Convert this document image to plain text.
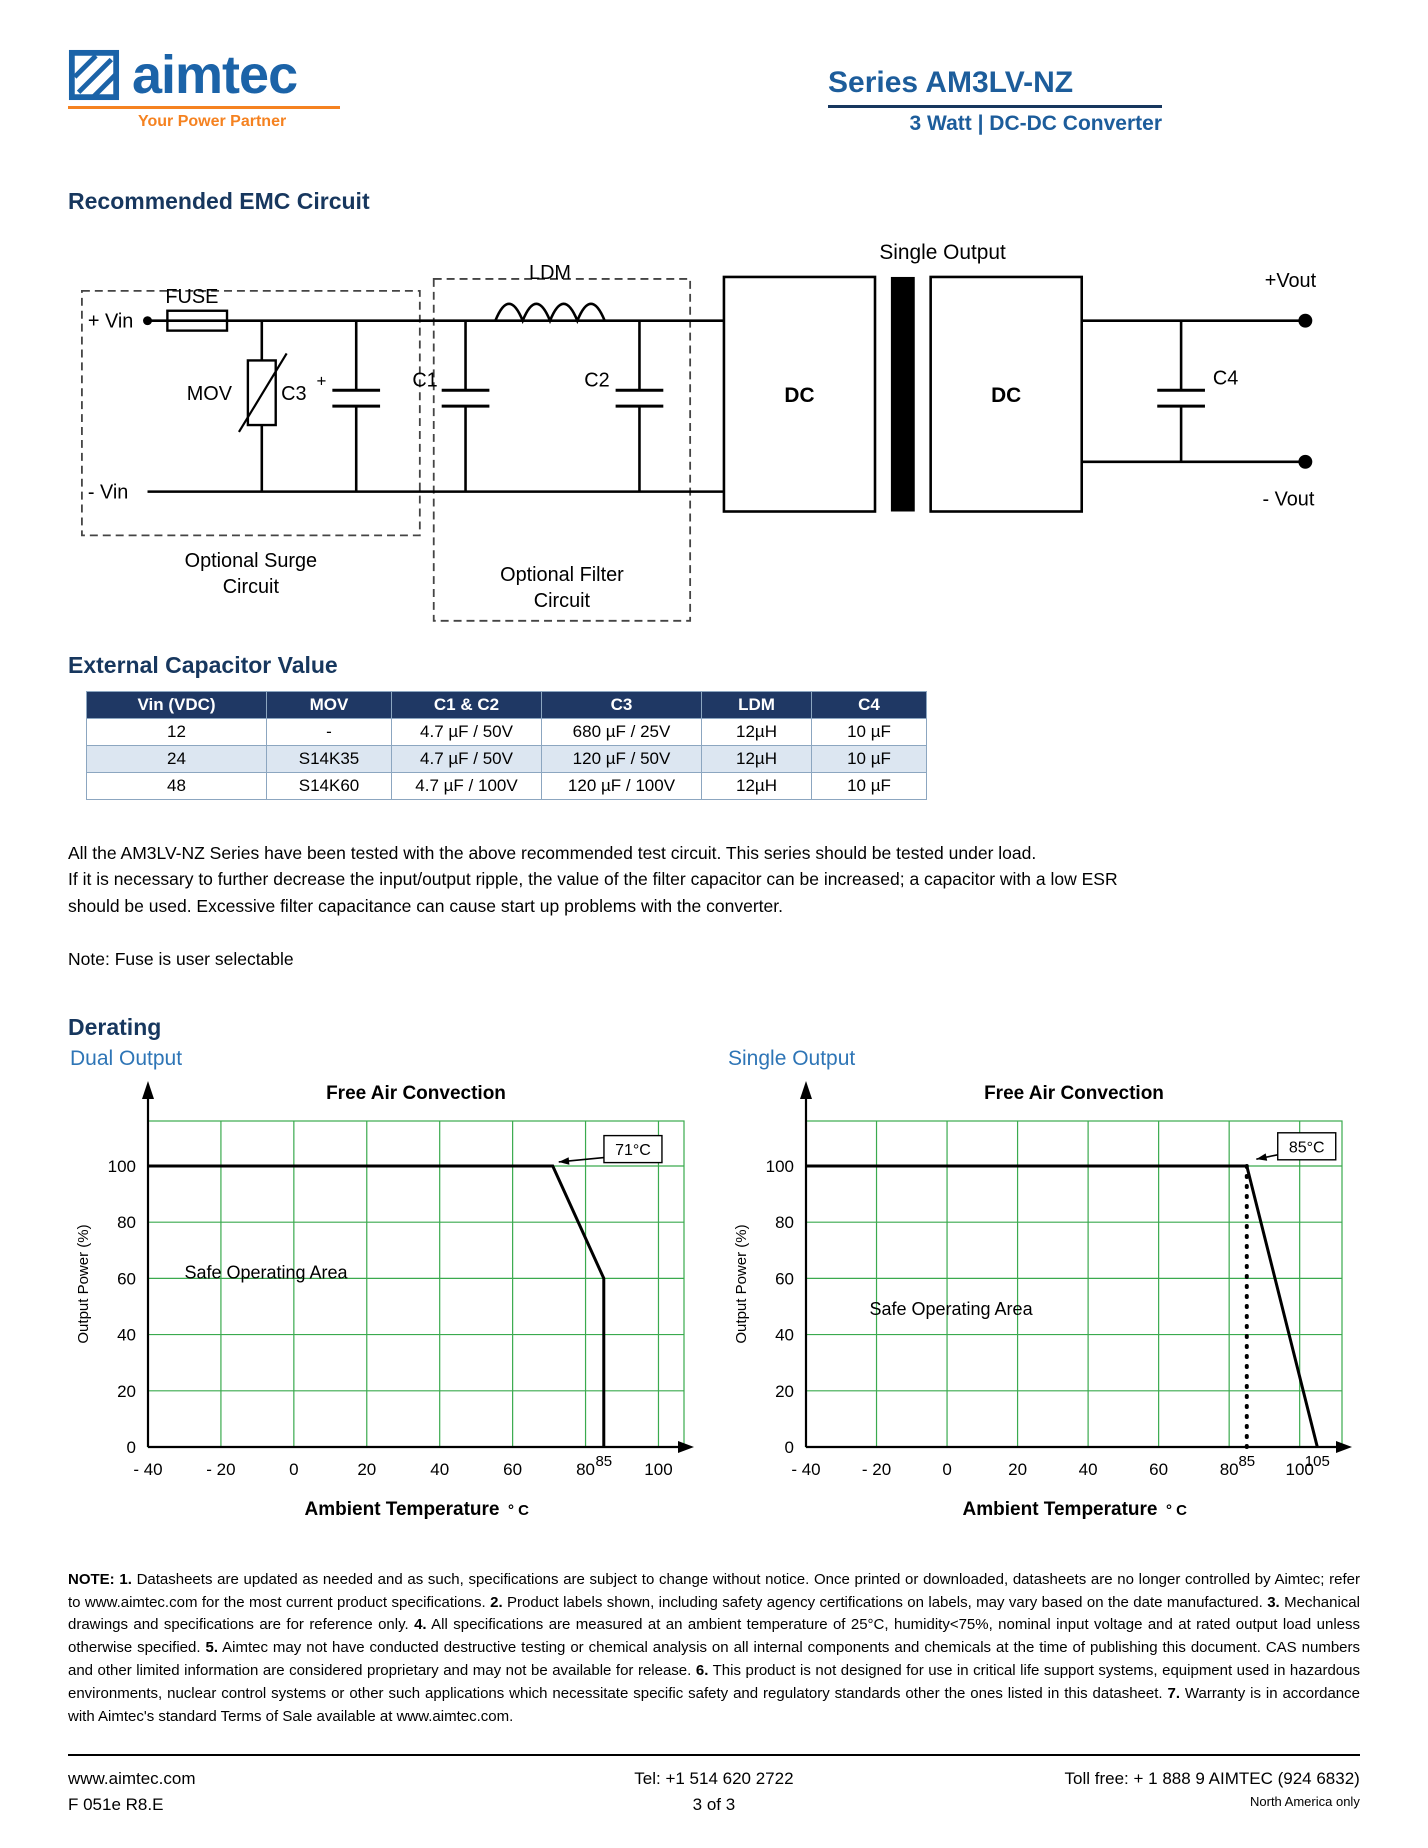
aimtec
Your Power Partner
Series AM3LV-NZ
3 Watt | DC-DC Converter
Recommended EMC Circuit
+ Vin
- Vin
FUSE
MOV C3
+	C1
LDM
C2
DC	DC
Single Output
C4
+Vout
- Vout
Optional Surge
Circuit
Optional Filter
Circuit
External Capacitor Value
Vin (VDC)	MOV	C1 & C2	C3	LDM	C4
12	-	4.7 µF / 50V	680 µF / 25V	12µH	10 µF
24	S14K35	4.7 µF / 50V	120 µF / 50V	12µH	10 µF
48	S14K60	4.7 µF / 100V	120 µF / 100V	12µH	10 µF
All the AM3LV-NZ Series have been tested with the above recommended test circuit. This series should be tested under load.
If it is necessary to further decrease the input/output ripple, the value of the filter capacitor can be increased; a capacitor with a low ESR
should be used. Excessive filter capacitance can cause start up problems with the converter.
Note: Fuse is user selectable
Derating
Dual Output
0
20
40
60
80
100
- 40	- 20	0	20	40	60	80	100
85
71°C
Safe Operating Area
Free Air Convection
Output Power (%)
Ambient Temperature ° C
Single Output
0
20
40
60
80
100
- 40 - 20	0	20	40	60	80	100
85	105
85°C
Safe Operating Area
Free Air Convection
Output Power (%)
Ambient Temperature ° C

NOTE: 1. Datasheets are updated as needed and as such, specifications are subject to change without notice. Once printed or downloaded, datasheets are no longer controlled by Aimtec; refer to www.aimtec.com for the most current product specifications. 2. Product labels shown, including safety agency certifications on labels, may vary based on the date manufactured. 3. Mechanical drawings and specifications are for reference only. 4. All specifications are measured at an ambient temperature of 25°C, humidity<75%, nominal input voltage and at rated output load unless otherwise specified. 5. Aimtec may not have conducted destructive testing or chemical analysis on all internal components and chemicals at the time of publishing this document. CAS numbers and other limited information are considered proprietary and may not be available for release. 6. This product is not designed for use in critical life support systems, equipment used in hazardous environments, nuclear control systems or other such applications which necessitate specific safety and regulatory standards other the ones listed in this datasheet. 7. Warranty is in accordance with Aimtec's standard Terms of Sale available at www.aimtec.com.

www.aimtec.com
F 051e R8.E
Tel: +1 514 620 2722
3 of 3
Toll free: + 1 888 9 AIMTEC (924 6832)
North America only
